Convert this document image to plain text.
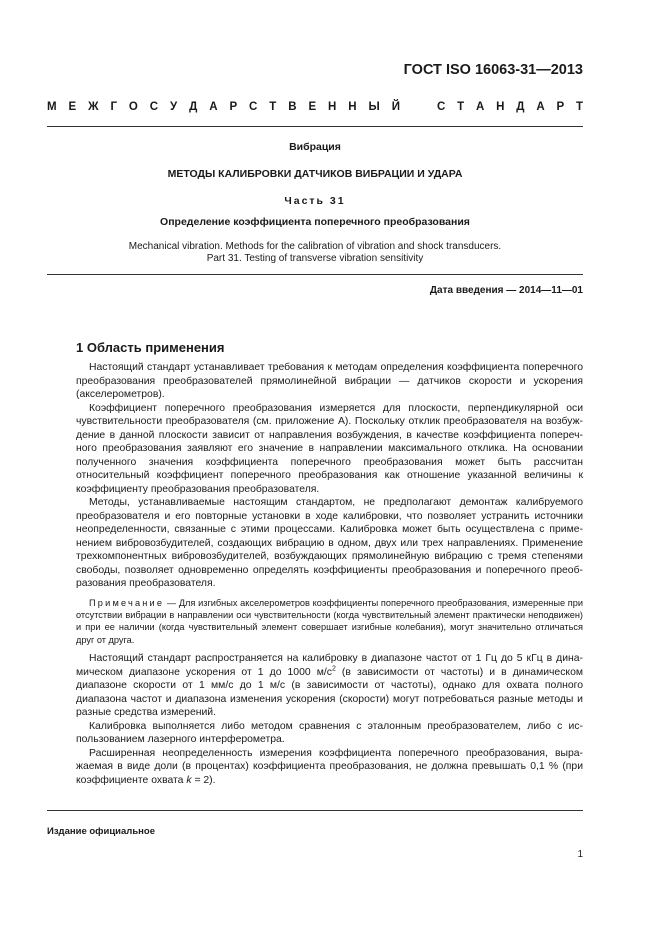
ГОСТ ISO 16063-31—2013
М Е Ж Г О С У Д А Р С Т В Е Н Н Ы Й	С Т А Н Д А Р Т
Вибрация
МЕТОДЫ КАЛИБРОВКИ ДАТЧИКОВ ВИБРАЦИИ И УДАРА
Часть 31
Определение коэффициента поперечного преобразования
Mechanical vibration. Methods for the calibration of vibration and shock transducers.
Part 31. Testing of transverse vibration sensitivity
Дата введения — 2014—11—01
1 Область применения

Настоящий стандарт устанавливает требования к методам определения коэффициента поперечного преобразования преобразователей прямолинейной вибрации — датчиков скорости и ускорения (акселерометров).

Коэффициент поперечного преобразования измеряется для плоскости, перпендикулярной оси чувствительности преобразователя (см. приложение А). Поскольку отклик преобразователя на возбуждение в данной плоскости зависит от направления возбуждения, в качестве коэффициента поперечного преобразования заявляют его значение в направлении максимального отклика. На основании полученного значения коэффициента поперечного преобразования может быть рассчитан относительный коэффициент поперечного преобразования как отношение указанной величины к коэффициенту преобразования преобразователя.

Методы, устанавливаемые настоящим стандартом, не предполагают демонтаж калибруемого преобразователя и его повторные установки в ходе калибровки, что позволяет устранить источники неопределенности, связанные с этими процессами. Калибровка может быть осуществлена с применением вибровозбудителей, создающих вибрацию в одном, двух или трех направлениях. Применение трехкомпонентных вибровозбудителей, возбуждающих прямолинейную вибрацию с тремя степенями свободы, позволяет одновременно определять коэффициенты преобразования и поперечного преобразования преобразователя.

Примечание — Для изгибных акселерометров коэффициенты поперечного преобразования, измеренные при отсутствии вибрации в направлении оси чувствительности (когда чувствительный элемент практически неподвижен) и при ее наличии (когда чувствительный элемент совершает изгибные колебания), могут значительно отличаться друг от друга.

Настоящий стандарт распространяется на калибровку в диапазоне частот от 1 Гц до 5 кГц в динамическом диапазоне ускорения от 1 до 1000 $м/с^2$ (в зависимости от частоты) и в динамическом диапазоне скорости от 1 мм/с до 1 м/с (в зависимости от частоты), однако для охвата полного диапазона частот и диапазона изменения ускорения (скорости) могут потребоваться разные методы и разные средства измерений.

Калибровка выполняется либо методом сравнения с эталонным преобразователем, либо с использованием лазерного интерферометра.

Расширенная неопределенность измерения коэффициента поперечного преобразования, выражаемая в виде доли (в процентах) коэффициента преобразования, не должна превышать 0,1 % (при коэффициенте охвата k = 2).

Издание официальное
1
